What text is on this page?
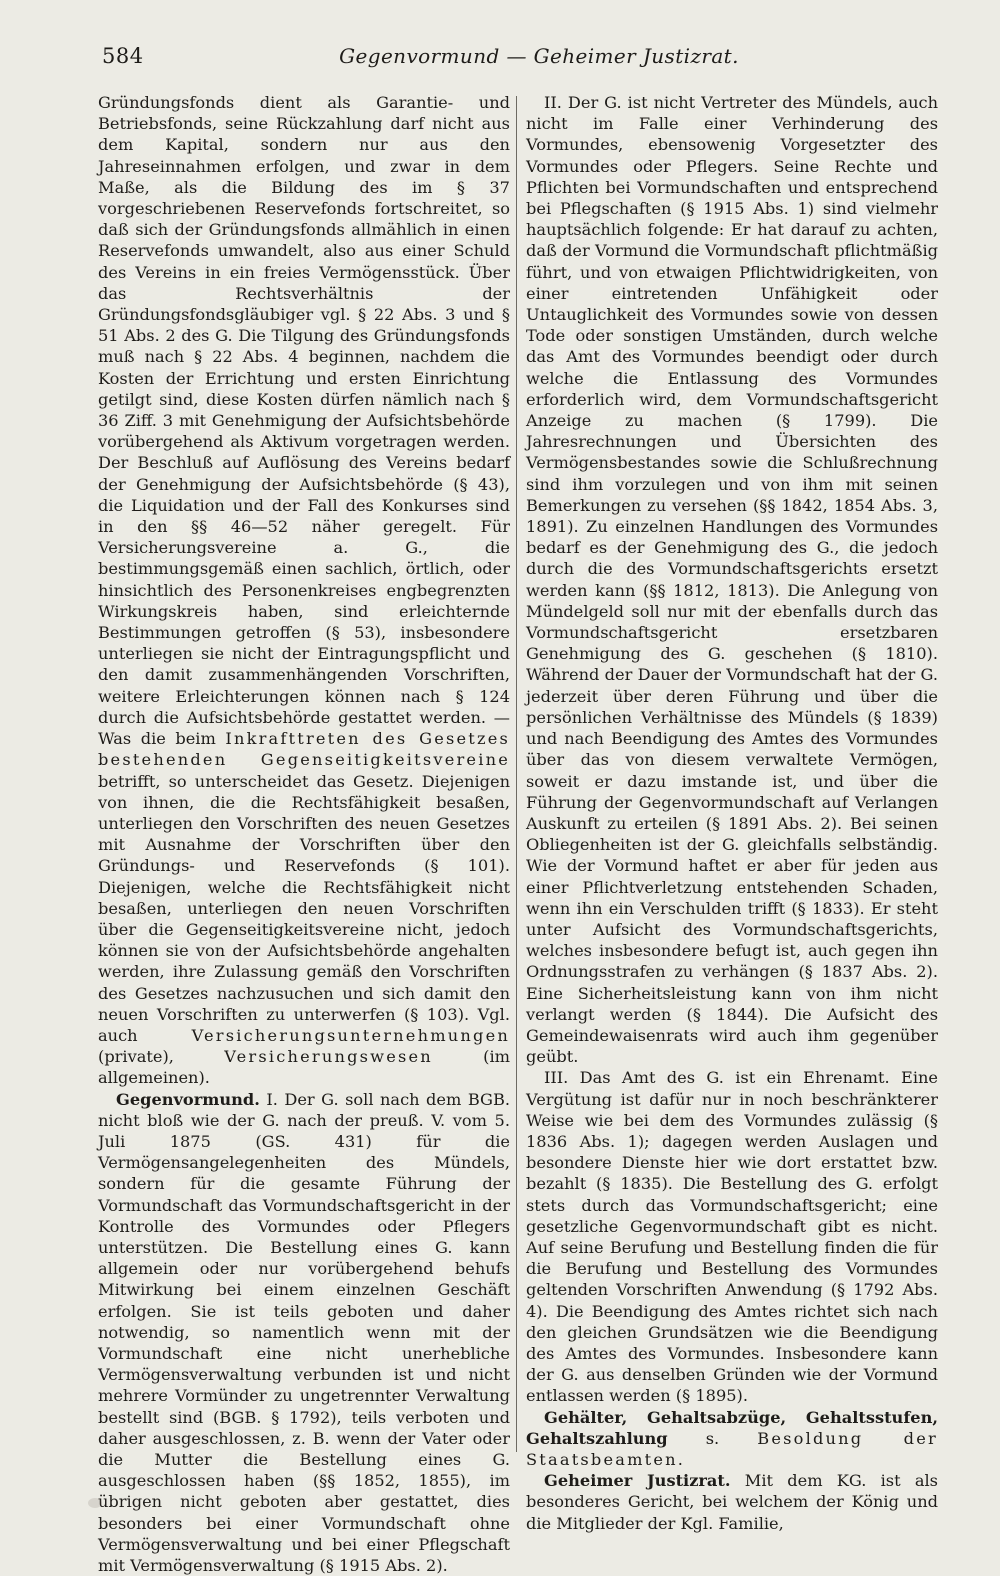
584	Gegenvormund — Geheimer Justizrat.

Gründungsfonds dient als Garantie- und Betriebsfonds, seine Rückzahlung darf nicht aus dem Kapital, sondern nur aus den Jahreseinnahmen erfolgen, und zwar in dem Maße, als die Bildung des im § 37 vorgeschriebenen Reservefonds fortschreitet, so daß sich der Gründungsfonds allmählich in einen Reservefonds umwandelt, also aus einer Schuld des Vereins in ein freies Vermögensstück. Über das Rechtsverhältnis der Gründungsfondsgläubiger vgl. § 22 Abs. 3 und § 51 Abs. 2 des G. Die Tilgung des Gründungsfonds muß nach § 22 Abs. 4 beginnen, nachdem die Kosten der Errichtung und ersten Einrichtung getilgt sind, diese Kosten dürfen nämlich nach § 36 Ziff. 3 mit Genehmigung der Aufsichtsbehörde vorübergehend als Aktivum vorgetragen werden. Der Beschluß auf Auflösung des Vereins bedarf der Genehmigung der Aufsichtsbehörde (§ 43), die Liquidation und der Fall des Konkurses sind in den §§ 46—52 näher geregelt. Für Versicherungsvereine a. G., die bestimmungsgemäß einen sachlich, örtlich, oder hinsichtlich des Personenkreises engbegrenzten Wirkungskreis haben, sind erleichternde Bestimmungen getroffen (§ 53), insbesondere unterliegen sie nicht der Eintragungspflicht und den damit zusammenhängenden Vorschriften, weitere Erleichterungen können nach § 124 durch die Aufsichtsbehörde gestattet werden. — Was die beim Inkrafttreten des Gesetzes bestehenden Gegenseitigkeitsvereine betrifft, so unterscheidet das Gesetz. Diejenigen von ihnen, die die Rechtsfähigkeit besaßen, unterliegen den Vorschriften des neuen Gesetzes mit Ausnahme der Vorschriften über den Gründungs- und Reservefonds (§ 101). Diejenigen, welche die Rechtsfähigkeit nicht besaßen, unterliegen den neuen Vorschriften über die Gegenseitigkeitsvereine nicht, jedoch können sie von der Aufsichtsbehörde angehalten werden, ihre Zulassung gemäß den Vorschriften des Gesetzes nachzusuchen und sich damit den neuen Vorschriften zu unterwerfen (§ 103). Vgl. auch	Versicherungsunternehmungen (private),	Versicherungswesen	(im allgemeinen).

Gegenvormund. I. Der G. soll nach dem BGB. nicht bloß wie der G. nach der preuß. V. vom 5. Juli 1875 (GS. 431) für die Vermögensangelegenheiten des Mündels, sondern für die gesamte Führung der Vormundschaft das Vormundschaftsgericht in der Kontrolle des Vormundes oder Pflegers unterstützen. Die Bestellung eines G. kann allgemein oder nur vorübergehend behufs Mitwirkung bei einem einzelnen Geschäft erfolgen. Sie ist teils geboten und daher notwendig, so namentlich wenn mit der Vormundschaft eine nicht unerhebliche Vermögensverwaltung verbunden ist und nicht mehrere Vormünder zu ungetrennter Verwaltung bestellt sind (BGB. § 1792), teils verboten und daher ausgeschlossen, z. B. wenn der Vater oder die Mutter die Bestellung eines G. ausgeschlossen haben (§§ 1852, 1855), im übrigen nicht geboten aber gestattet, dies besonders bei einer Vormundschaft ohne Vermögensverwaltung und bei einer Pflegschaft mit Vermögensverwaltung (§ 1915 Abs. 2).

II. Der G. ist nicht Vertreter des Mündels, auch nicht im Falle einer Verhinderung des Vormundes, ebensowenig Vorgesetzter des Vormundes oder Pflegers. Seine Rechte und Pflichten bei Vormundschaften und entsprechend bei Pflegschaften (§ 1915 Abs. 1) sind vielmehr hauptsächlich folgende: Er hat darauf zu achten, daß der Vormund die Vormundschaft pflichtmäßig führt, und von etwaigen Pflichtwidrigkeiten, von einer eintretenden Unfähigkeit oder Untauglichkeit des Vormundes sowie von dessen Tode oder sonstigen Umständen, durch welche das Amt des Vormundes beendigt oder durch welche die Entlassung des Vormundes erforderlich wird, dem Vormundschaftsgericht Anzeige zu machen (§ 1799). Die Jahresrechnungen und Übersichten des Vermögensbestandes sowie die Schlußrechnung sind ihm vorzulegen und von ihm mit seinen Bemerkungen zu versehen (§§ 1842, 1854 Abs. 3, 1891). Zu einzelnen Handlungen des Vormundes bedarf es der Genehmigung des G., die jedoch durch die des Vormundschaftsgerichts ersetzt werden kann (§§ 1812, 1813). Die Anlegung von Mündelgeld soll nur mit der ebenfalls durch das Vormundschaftsgericht ersetzbaren Genehmigung des G. geschehen (§ 1810). Während der Dauer der Vormundschaft hat der G. jederzeit über deren Führung und über die persönlichen Verhältnisse des Mündels (§ 1839) und nach Beendigung des Amtes des Vormundes über das von diesem verwaltete Vermögen, soweit er dazu imstande ist, und über die Führung der Gegenvormundschaft auf Verlangen Auskunft zu erteilen (§ 1891 Abs. 2). Bei seinen Obliegenheiten ist der G. gleichfalls selbständig. Wie der Vormund haftet er aber für jeden aus einer Pflichtverletzung entstehenden Schaden, wenn ihn ein Verschulden trifft (§ 1833). Er steht unter Aufsicht des Vormundschaftsgerichts, welches insbesondere befugt ist, auch gegen ihn Ordnungsstrafen zu verhängen (§ 1837 Abs. 2). Eine Sicherheitsleistung kann von ihm nicht verlangt werden (§ 1844). Die Aufsicht des Gemeindewaisenrats wird auch ihm gegenüber geübt.

III. Das Amt des G. ist ein Ehrenamt. Eine Vergütung ist dafür nur in noch beschränkterer Weise wie bei dem des Vormundes zulässig (§ 1836 Abs. 1); dagegen werden Auslagen und besondere Dienste hier wie dort erstattet bzw. bezahlt (§ 1835). Die Bestellung des G. erfolgt stets durch das Vormundschaftsgericht; eine gesetzliche Gegenvormundschaft gibt es nicht. Auf seine Berufung und Bestellung finden die für die Berufung und Bestellung des Vormundes geltenden Vorschriften Anwendung (§ 1792 Abs. 4). Die Beendigung des Amtes richtet sich nach den gleichen Grundsätzen wie die Beendigung des Amtes des Vormundes. Insbesondere kann der G. aus denselben Gründen wie der Vormund entlassen werden (§ 1895).

Gehälter, Gehaltsabzüge, Gehaltsstufen, Gehaltszahlung s. Besoldung der Staatsbeamten.

Geheimer Justizrat. Mit dem KG. ist als besonderes Gericht, bei welchem der König und die Mitglieder der Kgl. Familie,
